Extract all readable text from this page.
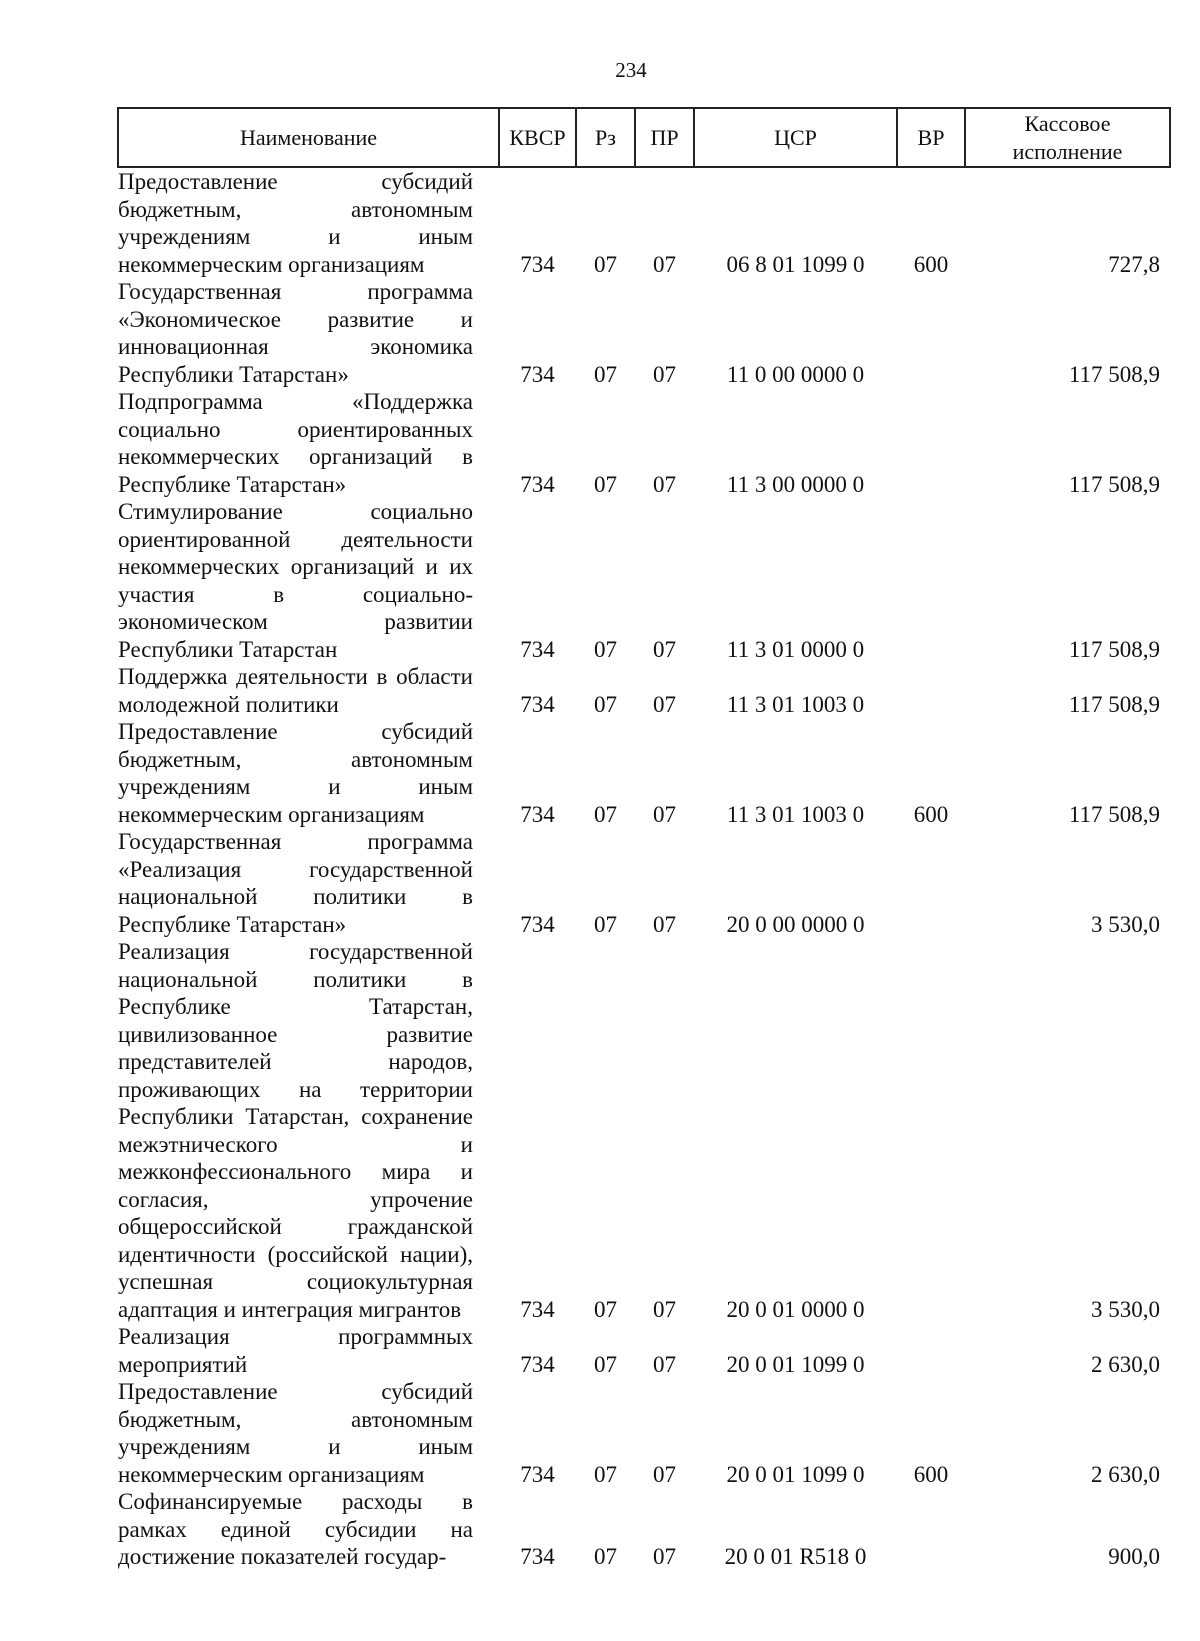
234
Наименование	КВСР	Рз	ПР	ЦСР	ВР	Кассовое исполнение
Предоставление субсидий бюджетным, автономным учреждениям и иным некоммерческим организациям	734	07	07	06 8 01 1099 0	600	727,8
Государственная программа «Экономическое развитие и инновационная экономика Республики Татарстан»	734	07	07	11 0 00 0000 0		117 508,9
Подпрограмма «Поддержка социально ориентированных некоммерческих организаций в Республике Татарстан»	734	07	07	11 3 00 0000 0		117 508,9
Стимулирование социально ориентированной деятельности некоммерческих организаций и их участия в социально-экономическом развитии Республики Татарстан	734	07	07	11 3 01 0000 0		117 508,9
Поддержка деятельности в области молодежной политики	734	07	07	11 3 01 1003 0		117 508,9
Предоставление субсидий бюджетным, автономным учреждениям и иным некоммерческим организациям	734	07	07	11 3 01 1003 0	600	117 508,9
Государственная программа «Реализация государственной национальной политики в Республике Татарстан»	734	07	07	20 0 00 0000 0		3 530,0
Реализация государственной национальной политики в Республике Татарстан, цивилизованное развитие представителей народов, проживающих на территории Республики Татарстан, сохранение межэтнического и межконфессионального мира и согласия, упрочение общероссийской гражданской идентичности (российской нации), успешная социокультурная адаптация и интеграция мигрантов	734	07	07	20 0 01 0000 0		3 530,0
Реализация программных мероприятий	734	07	07	20 0 01 1099 0		2 630,0
Предоставление субсидий бюджетным, автономным учреждениям и иным некоммерческим организациям	734	07	07	20 0 01 1099 0	600	2 630,0
Софинансируемые расходы в рамках единой субсидии на достижение показателей государ-	734	07	07	20 0 01 R518 0		900,0
